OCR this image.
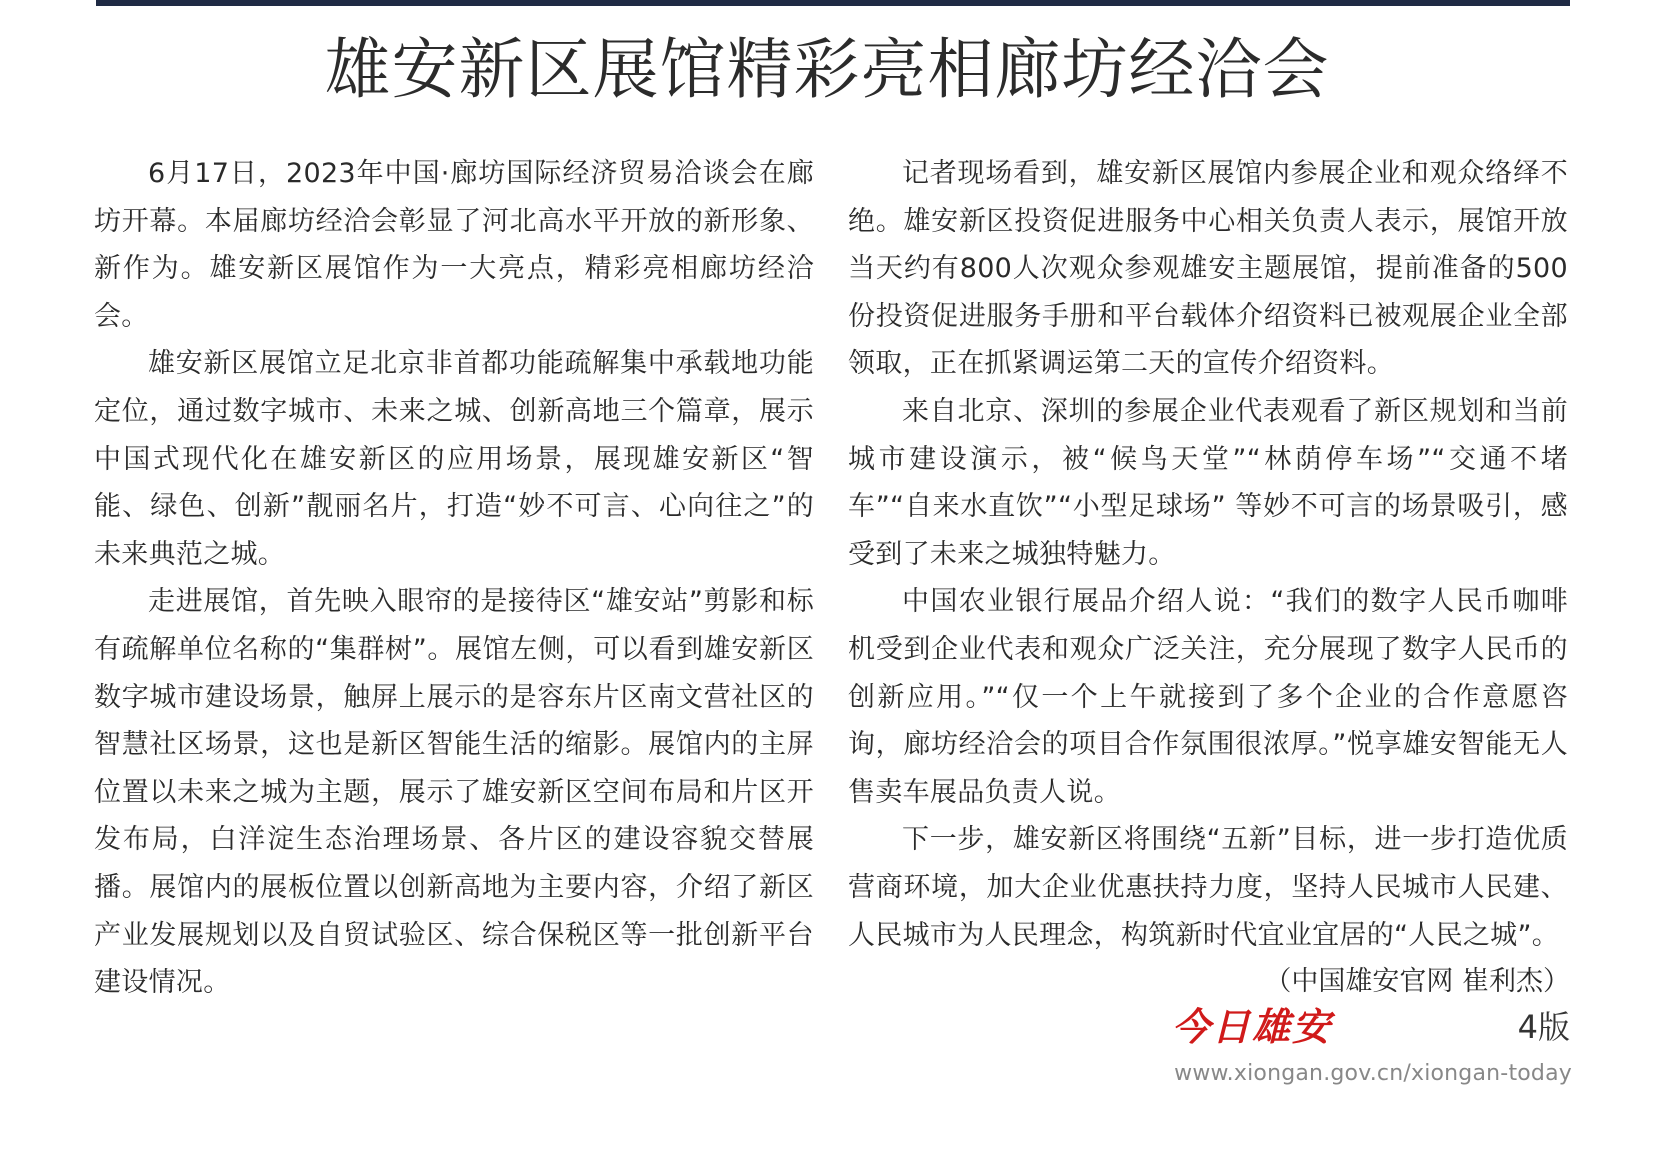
雄安新区展馆精彩亮相廊坊经洽会

6月17日，2023年中国·廊坊国际经济贸易洽谈会在廊坊开幕。本届廊坊经洽会彰显了河北高水平开放的新形象、新作为。雄安新区展馆作为一大亮点，精彩亮相廊坊经洽会。

雄安新区展馆立足北京非首都功能疏解集中承载地功能定位，通过数字城市、未来之城、创新高地三个篇章，展示中国式现代化在雄安新区的应用场景，展现雄安新区“智能、绿色、创新”靓丽名片，打造“妙不可言、心向往之”的未来典范之城。

走进展馆，首先映入眼帘的是接待区“雄安站”剪影和标有疏解单位名称的“集群树”。展馆左侧，可以看到雄安新区数字城市建设场景，触屏上展示的是容东片区南文营社区的智慧社区场景，这也是新区智能生活的缩影。展馆内的主屏位置以未来之城为主题，展示了雄安新区空间布局和片区开发布局，白洋淀生态治理场景、各片区的建设容貌交替展播。展馆内的展板位置以创新高地为主要内容，介绍了新区产业发展规划以及自贸试验区、综合保税区等一批创新平台建设情况。

记者现场看到，雄安新区展馆内参展企业和观众络绎不绝。雄安新区投资促进服务中心相关负责人表示，展馆开放当天约有800人次观众参观雄安主题展馆，提前准备的500份投资促进服务手册和平台载体介绍资料已被观展企业全部领取，正在抓紧调运第二天的宣传介绍资料。

来自北京、深圳的参展企业代表观看了新区规划和当前城市建设演示，被“候鸟天堂”“林荫停车场”“交通不堵车”“自来水直饮”“小型足球场” 等妙不可言的场景吸引，感受到了未来之城独特魅力。

中国农业银行展品介绍人说：“我们的数字人民币咖啡机受到企业代表和观众广泛关注，充分展现了数字人民币的创新应用。”“仅一个上午就接到了多个企业的合作意愿咨询，廊坊经洽会的项目合作氛围很浓厚。”悦享雄安智能无人售卖车展品负责人说。

下一步，雄安新区将围绕“五新”目标，进一步打造优质营商环境，加大企业优惠扶持力度，坚持人民城市人民建、人民城市为人民理念，构筑新时代宜业宜居的“人民之城”。

（中国雄安官网 崔利杰）
今日雄安	4版
www.xiongan.gov.cn/xiongan-today
